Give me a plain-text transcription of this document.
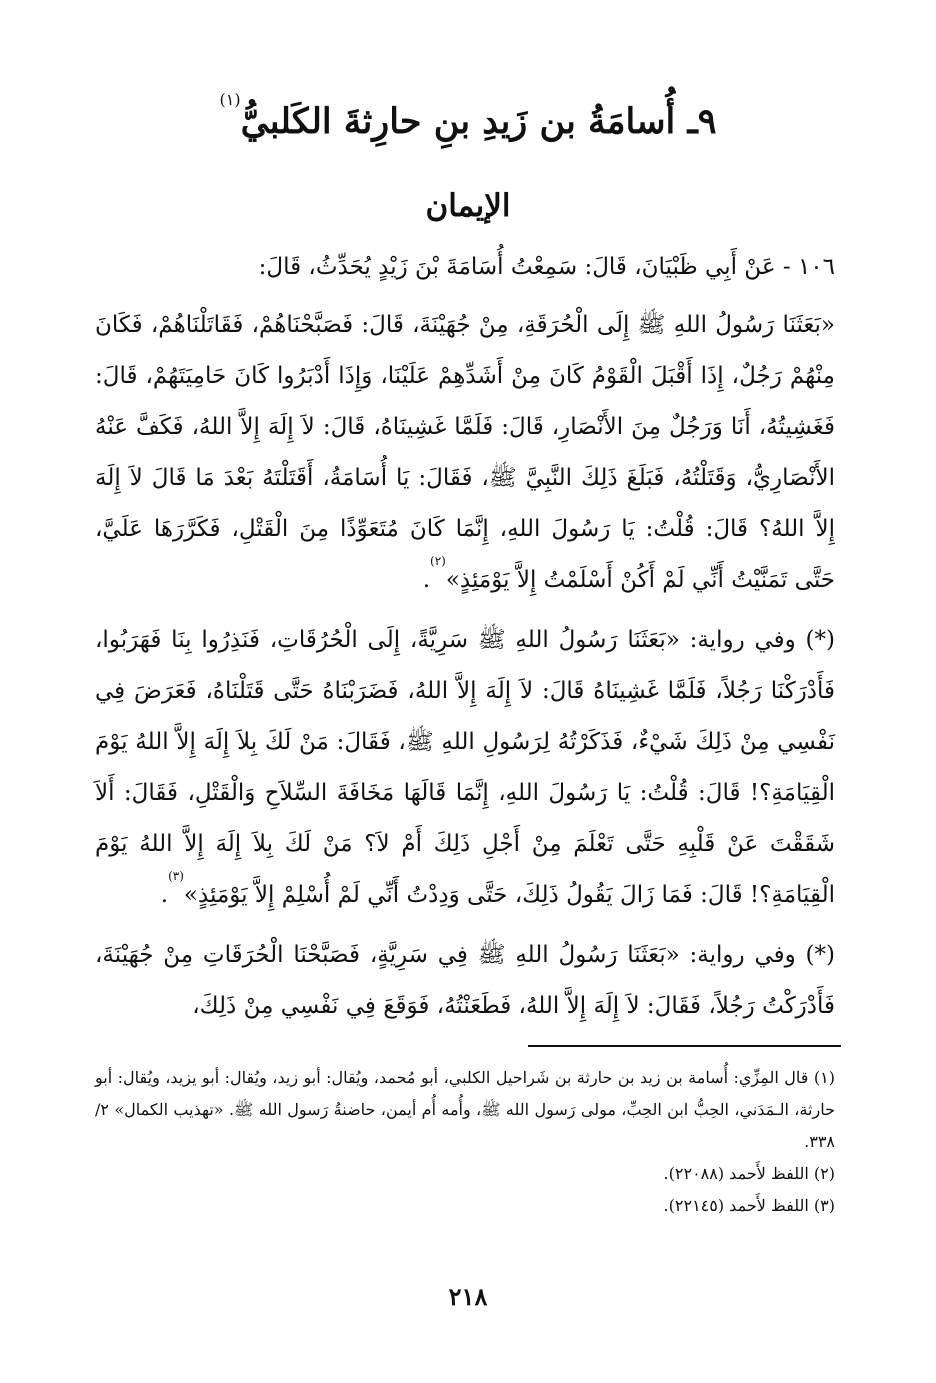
٩ـ أُسامَةُ بن زَيدِ بنِ حارِثةَ الكَلبيُّ$^{(١)}$
الإيمان
١٠٦ - عَنْ أَبِي ظَبْيَانَ، قَالَ: سَمِعْتُ أُسَامَةَ بْنَ زَيْدٍ يُحَدِّثُ، قَالَ:
«بَعَثَنَا رَسُولُ اللهِ ﷺ إِلَى الْحُرَقَةِ، مِنْ جُهَيْنَةَ، قَالَ: فَصَبَّحْنَاهُمْ، فَقَاتَلْنَاهُمْ، فَكَانَ مِنْهُمْ رَجُلٌ، إِذَا أَقْبَلَ الْقَوْمُ كَانَ مِنْ أَشَدِّهِمْ عَلَيْنَا، وَإِذَا أَدْبَرُوا كَانَ حَامِيَتَهُمْ، قَالَ: فَغَشِيتُهُ، أَنَا وَرَجُلٌ مِنَ الأَنْصَارِ، قَالَ: فَلَمَّا غَشِينَاهُ، قَالَ: لاَ إِلَهَ إِلاَّ اللهُ، فَكَفَّ عَنْهُ الأَنْصَارِيُّ، وَقَتَلْتُهُ، فَبَلَغَ ذَلِكَ النَّبِيَّ ﷺ، فَقَالَ: يَا أُسَامَةُ، أَقَتَلْتَهُ بَعْدَ مَا قَالَ لاَ إِلَهَ إِلاَّ اللهُ؟ قَالَ: قُلْتُ: يَا رَسُولَ اللهِ، إِنَّمَا كَانَ مُتَعَوِّذًا مِنَ الْقَتْلِ، فَكَرَّرَهَا عَلَيَّ، حَتَّى تَمَنَّيْتُ أَنِّي لَمْ أَكُنْ أَسْلَمْتُ إِلاَّ يَوْمَئِذٍ»$^{(٢)}$.
(*) وفي رواية: «بَعَثَنَا رَسُولُ اللهِ ﷺ سَرِيَّةً، إِلَى الْحُرُقَاتِ، فَنَذِرُوا بِنَا فَهَرَبُوا، فَأَدْرَكْنَا رَجُلاً، فَلَمَّا غَشِينَاهُ قَالَ: لاَ إِلَهَ إِلاَّ اللهُ، فَضَرَبْنَاهُ حَتَّى قَتَلْنَاهُ، فَعَرَضَ فِي نَفْسِي مِنْ ذَلِكَ شَيْءٌ، فَذَكَرْتُهُ لِرَسُولِ اللهِ ﷺ، فَقَالَ: مَنْ لَكَ بِلاَ إِلَهَ إِلاَّ اللهُ يَوْمَ الْقِيَامَةِ؟! قَالَ: قُلْتُ: يَا رَسُولَ اللهِ، إِنَّمَا قَالَهَا مَخَافَةَ السِّلاَحِ وَالْقَتْلِ، فَقَالَ: أَلاَ شَقَقْتَ عَنْ قَلْبِهِ حَتَّى تَعْلَمَ مِنْ أَجْلِ ذَلِكَ أَمْ لاَ؟ مَنْ لَكَ بِلاَ إِلَهَ إِلاَّ اللهُ يَوْمَ الْقِيَامَةِ؟! قَالَ: فَمَا زَالَ يَقُولُ ذَلِكَ، حَتَّى وَدِدْتُ أَنِّي لَمْ أُسْلِمْ إِلاَّ يَوْمَئِذٍ»$^{(٣)}$.
(*) وفي رواية: «بَعَثَنَا رَسُولُ اللهِ ﷺ فِي سَرِيَّةٍ، فَصَبَّحْنَا الْحُرَقَاتِ مِنْ جُهَيْنَةَ، فَأَدْرَكْتُ رَجُلاً، فَقَالَ: لاَ إِلَهَ إِلاَّ اللهُ، فَطَعَنْتُهُ، فَوَقَعَ فِي نَفْسِي مِنْ ذَلِكَ،

(١) قال المِزِّي: أُسامة بن زيد بن حارثة بن شَراحيل الكلبي، أبو مُحمد، ويُقال: أبو زيد، ويُقال: أبو يزيد، ويُقال: أبو حارثة، الـمَدَني، الحِبُّ ابن الحِبِّ، مولى رَسول الله ﷺ، وأُمه أُم أيمن، حاضنةُ رَسول الله ﷺ. «تهذيب الكمال» ٢/ ٣٣٨.

(٢) اللفظ لأَحمد (٢٢٠٨٨).

(٣) اللفظ لأَحمد (٢٢١٤٥).

٢١٨
